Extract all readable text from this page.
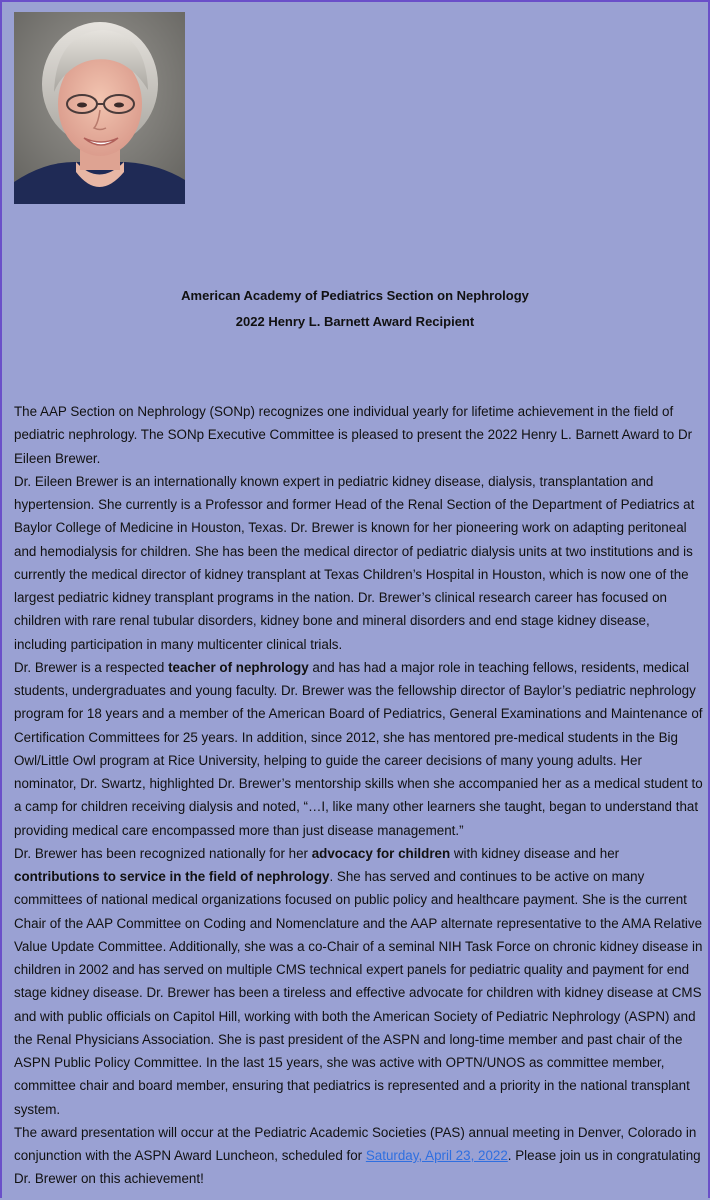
American Academy of Pediatrics Section on Nephrology
2022 Henry L. Barnett Award Recipient

The AAP Section on Nephrology (SONp) recognizes one individual yearly for lifetime achievement in the field of pediatric nephrology. The SONp Executive Committee is pleased to present the 2022 Henry L. Barnett Award to Dr Eileen Brewer.

Dr. Eileen Brewer is an internationally known expert in pediatric kidney disease, dialysis, transplantation and hypertension. She currently is a Professor and former Head of the Renal Section of the Department of Pediatrics at Baylor College of Medicine in Houston, Texas. Dr. Brewer is known for her pioneering work on adapting peritoneal and hemodialysis for children. She has been the medical director of pediatric dialysis units at two institutions and is currently the medical director of kidney transplant at Texas Children’s Hospital in Houston, which is now one of the largest pediatric kidney transplant programs in the nation. Dr. Brewer’s clinical research career has focused on children with rare renal tubular disorders, kidney bone and mineral disorders and end stage kidney disease, including participation in many multicenter clinical trials.

Dr. Brewer is a respected teacher of nephrology and has had a major role in teaching fellows, residents, medical students, undergraduates and young faculty. Dr. Brewer was the fellowship director of Baylor’s pediatric nephrology program for 18 years and a member of the American Board of Pediatrics, General Examinations and Maintenance of Certification Committees for 25 years. In addition, since 2012, she has mentored pre-medical students in the Big Owl/Little Owl program at Rice University, helping to guide the career decisions of many young adults. Her nominator, Dr. Swartz, highlighted Dr. Brewer’s mentorship skills when she accompanied her as a medical student to a camp for children receiving dialysis and noted, “…I, like many other learners she taught, began to understand that providing medical care encompassed more than just disease management.”

Dr. Brewer has been recognized nationally for her advocacy for children with kidney disease and her contributions to service in the field of nephrology. She has served and continues to be active on many committees of national medical organizations focused on public policy and healthcare payment. She is the current Chair of the AAP Committee on Coding and Nomenclature and the AAP alternate representative to the AMA Relative Value Update Committee. Additionally, she was a co-Chair of a seminal NIH Task Force on chronic kidney disease in children in 2002 and has served on multiple CMS technical expert panels for pediatric quality and payment for end stage kidney disease. Dr. Brewer has been a tireless and effective advocate for children with kidney disease at CMS and with public officials on Capitol Hill, working with both the American Society of Pediatric Nephrology (ASPN) and the Renal Physicians Association. She is past president of the ASPN and long-time member and past chair of the ASPN Public Policy Committee. In the last 15 years, she was active with OPTN/UNOS as committee member, committee chair and board member, ensuring that pediatrics is represented and a priority in the national transplant system.

The award presentation will occur at the Pediatric Academic Societies (PAS) annual meeting in Denver, Colorado in conjunction with the ASPN Award Luncheon, scheduled for Saturday, April 23, 2022. Please join us in congratulating Dr. Brewer on this achievement!
